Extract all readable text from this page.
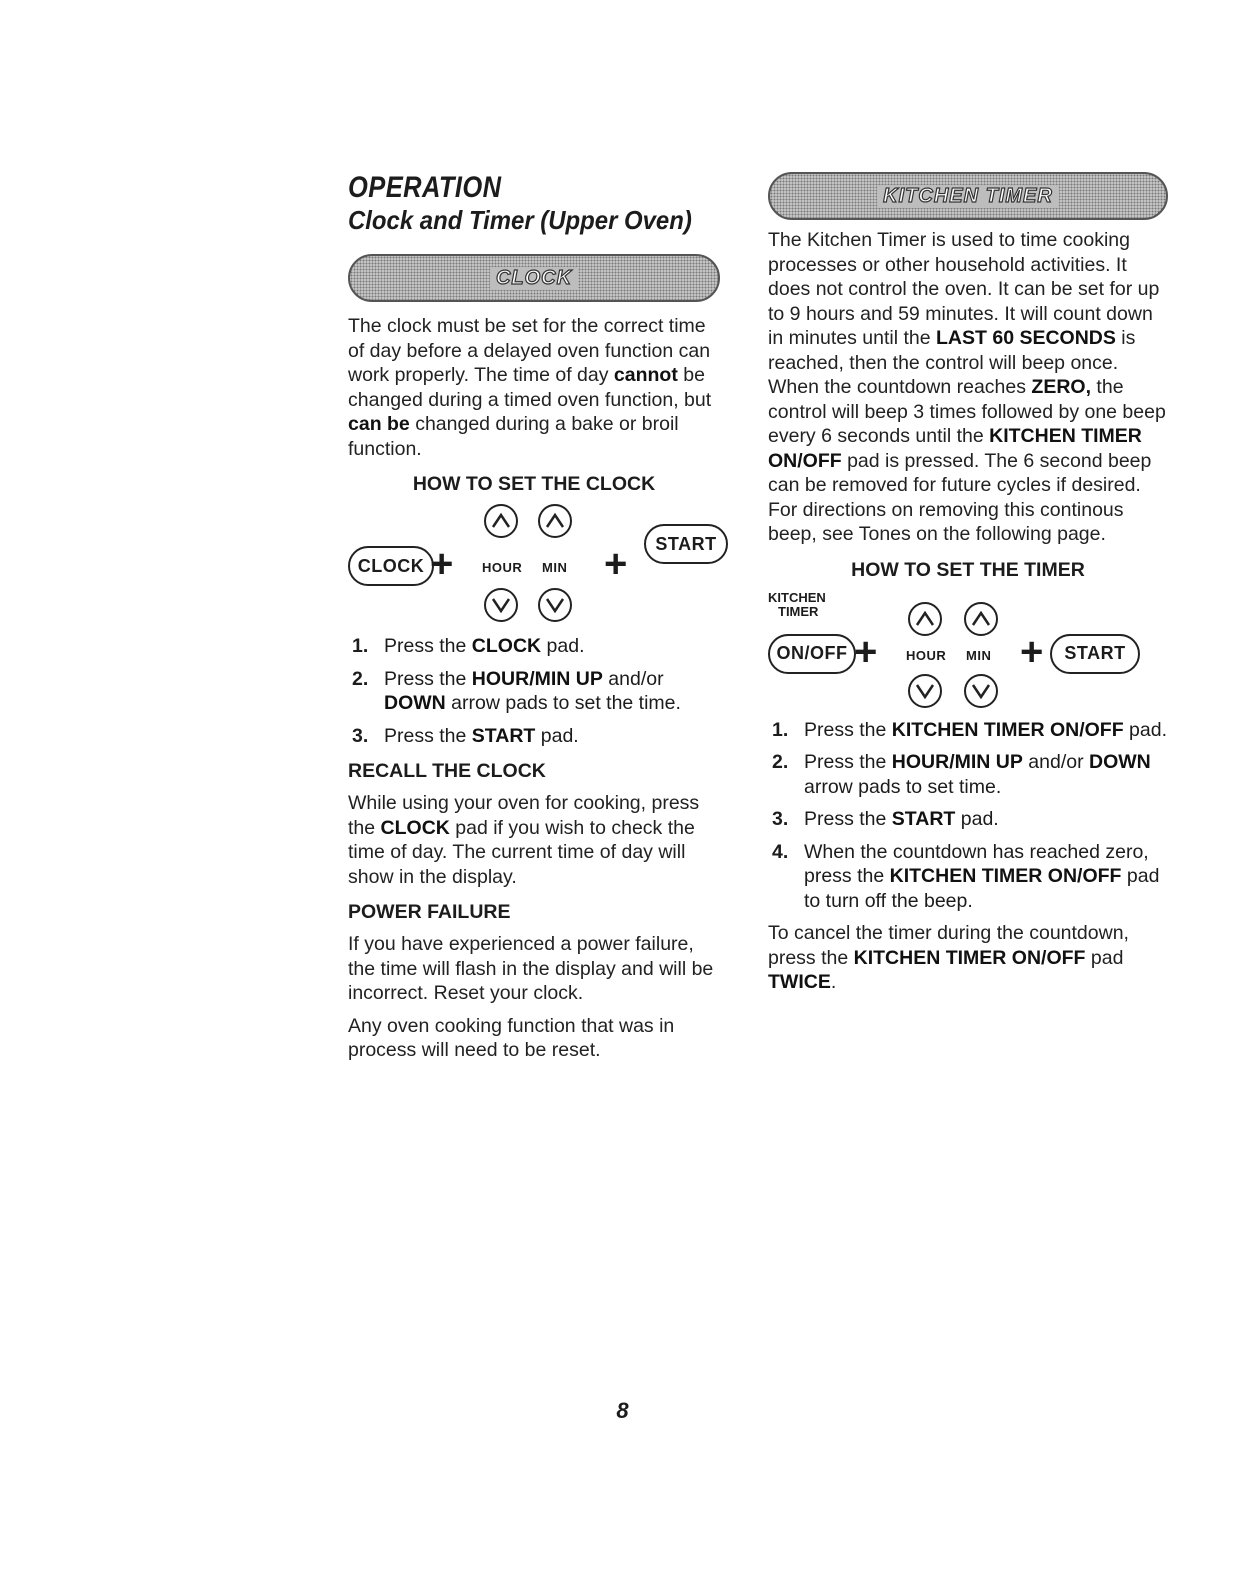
OPERATION
Clock and Timer (Upper Oven)
CLOCK

The clock must be set for the correct time of day before a delayed oven function can work properly. The time of day cannot be changed during a timed oven function, but can be changed during a bake or broil function.

HOW TO SET THE CLOCK
CLOCK + HOUR MIN +	START
1. Press the CLOCK pad.
2. Press the HOUR/MIN UP and/or DOWN arrow pads to set the time.
3. Press the START pad.
RECALL THE CLOCK

While using your oven for cooking, press the CLOCK pad if you wish to check the time of day. The current time of day will show in the display.

POWER FAILURE

If you have experienced a power failure, the time will flash in the display and will be incorrect. Reset your clock.

Any oven cooking function that was in process will need to be reset.

KITCHEN TIMER

The Kitchen Timer is used to time cooking processes or other household activities. It does not control the oven. It can be set for up to 9 hours and 59 minutes. It will count down in minutes until the LAST 60 SECONDS is reached, then the control will beep once. When the countdown reaches ZERO, the control will beep 3 times followed by one beep every 6 seconds until the KITCHEN TIMER ON/OFF pad is pressed. The 6 second beep can be removed for future cycles if desired. For directions on removing this continous beep, see Tones on the following page.

HOW TO SET THE TIMER
KITCHEN
TIMER
ON/OFF + HOUR MIN +	START
1. Press the KITCHEN TIMER ON/OFF pad.
2. Press the HOUR/MIN UP and/or DOWN arrow pads to set time.
3. Press the START pad.
4. When the countdown has reached zero, press the KITCHEN TIMER ON/OFF pad to turn off the beep.

To cancel the timer during the countdown, press the KITCHEN TIMER ON/OFF pad TWICE.

8
